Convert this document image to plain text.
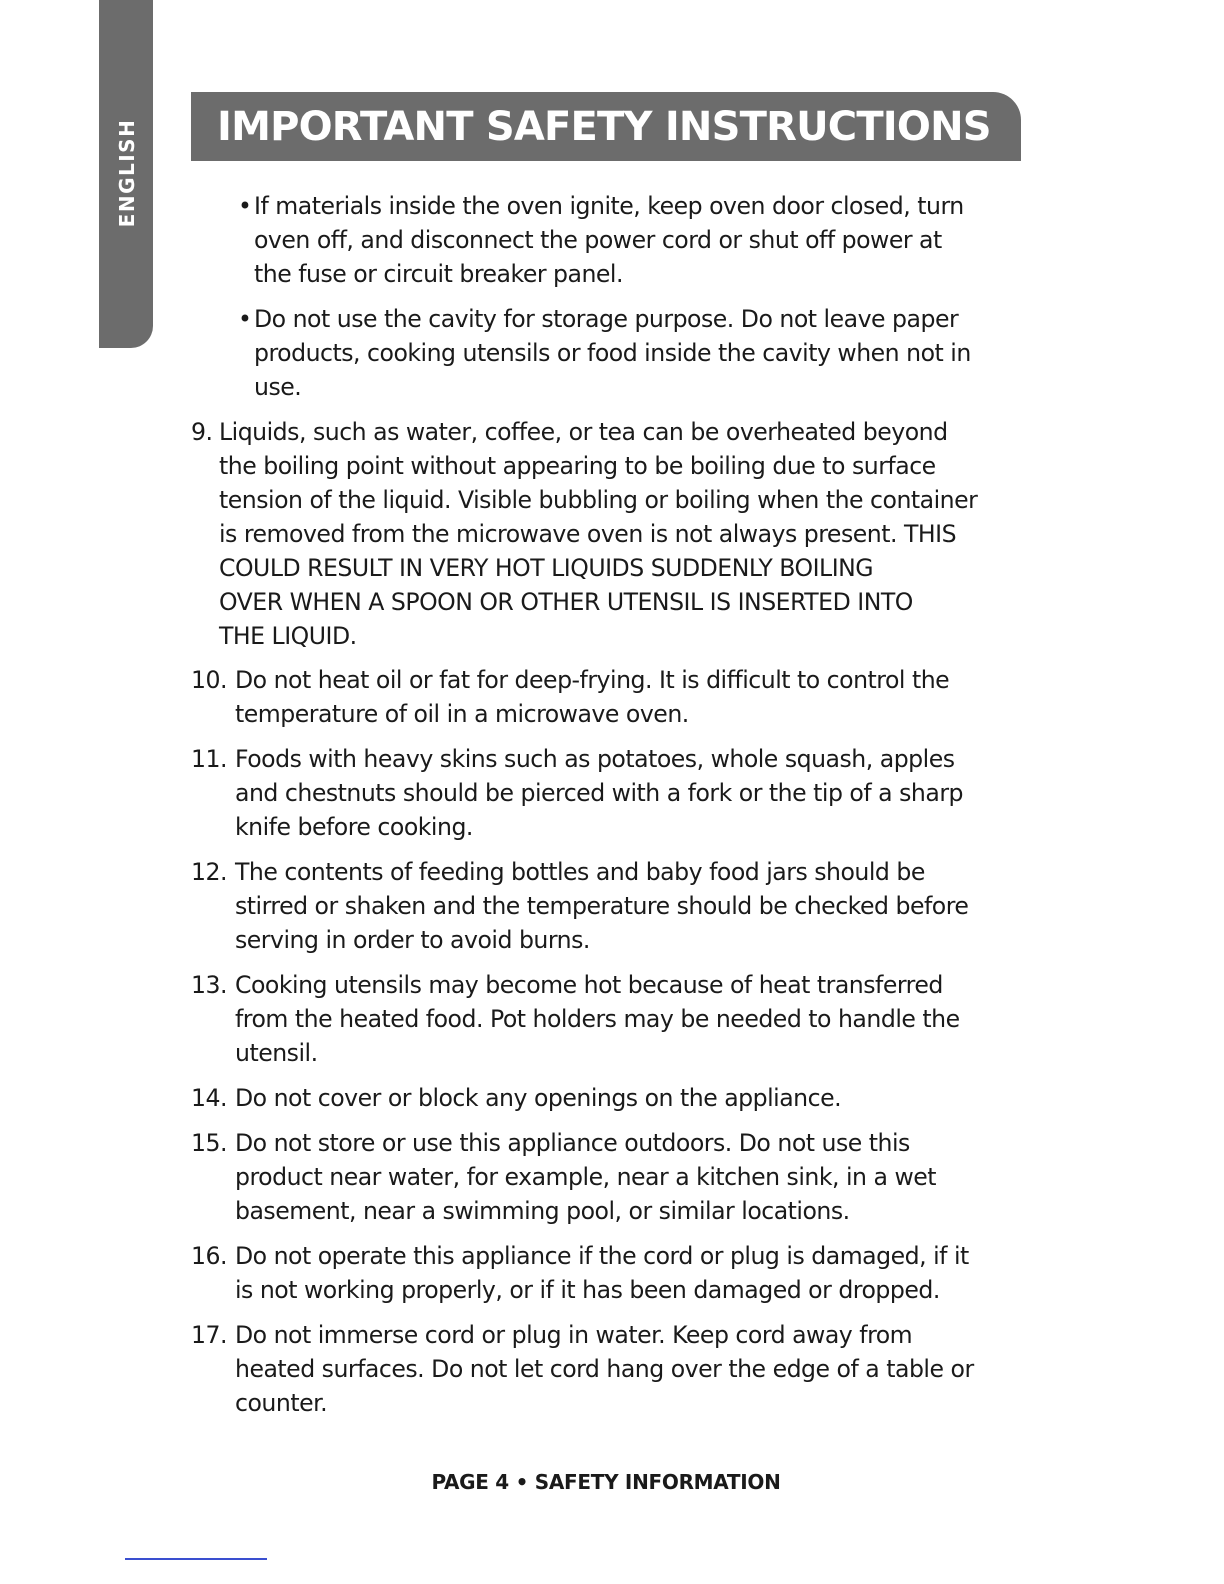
ENGLISH IMPORTANT SAFETY INSTRUCTIONS
• If materials inside the oven ignite, keep oven door closed, turn
oven off, and disconnect the power cord or shut off power at
the fuse or circuit breaker panel.
• Do not use the cavity for storage purpose. Do not leave paper
products, cooking utensils or food inside the cavity when not in
use.
9. Liquids, such as water, coffee, or tea can be overheated beyond
the boiling point without appearing to be boiling due to surface
tension of the liquid. Visible bubbling or boiling when the container
is removed from the microwave oven is not always present. THIS
COULD RESULT IN VERY HOT LIQUIDS SUDDENLY BOILING
OVER WHEN A SPOON OR OTHER UTENSIL IS INSERTED INTO
THE LIQUID.
10. Do not heat oil or fat for deep-frying. It is difficult to control the
temperature of oil in a microwave oven.
11. Foods with heavy skins such as potatoes, whole squash, apples
and chestnuts should be pierced with a fork or the tip of a sharp
knife before cooking.
12. The contents of feeding bottles and baby food jars should be
stirred or shaken and the temperature should be checked before
serving in order to avoid burns.
13. Cooking utensils may become hot because of heat transferred
from the heated food. Pot holders may be needed to handle the
utensil.
14. Do not cover or block any openings on the appliance.
15. Do not store or use this appliance outdoors. Do not use this
product near water, for example, near a kitchen sink, in a wet
basement, near a swimming pool, or similar locations.
16. Do not operate this appliance if the cord or plug is damaged, if it
is not working properly, or if it has been damaged or dropped.
17. Do not immerse cord or plug in water. Keep cord away from
heated surfaces. Do not let cord hang over the edge of a table or
counter.
PAGE 4 • SAFETY INFORMATION
